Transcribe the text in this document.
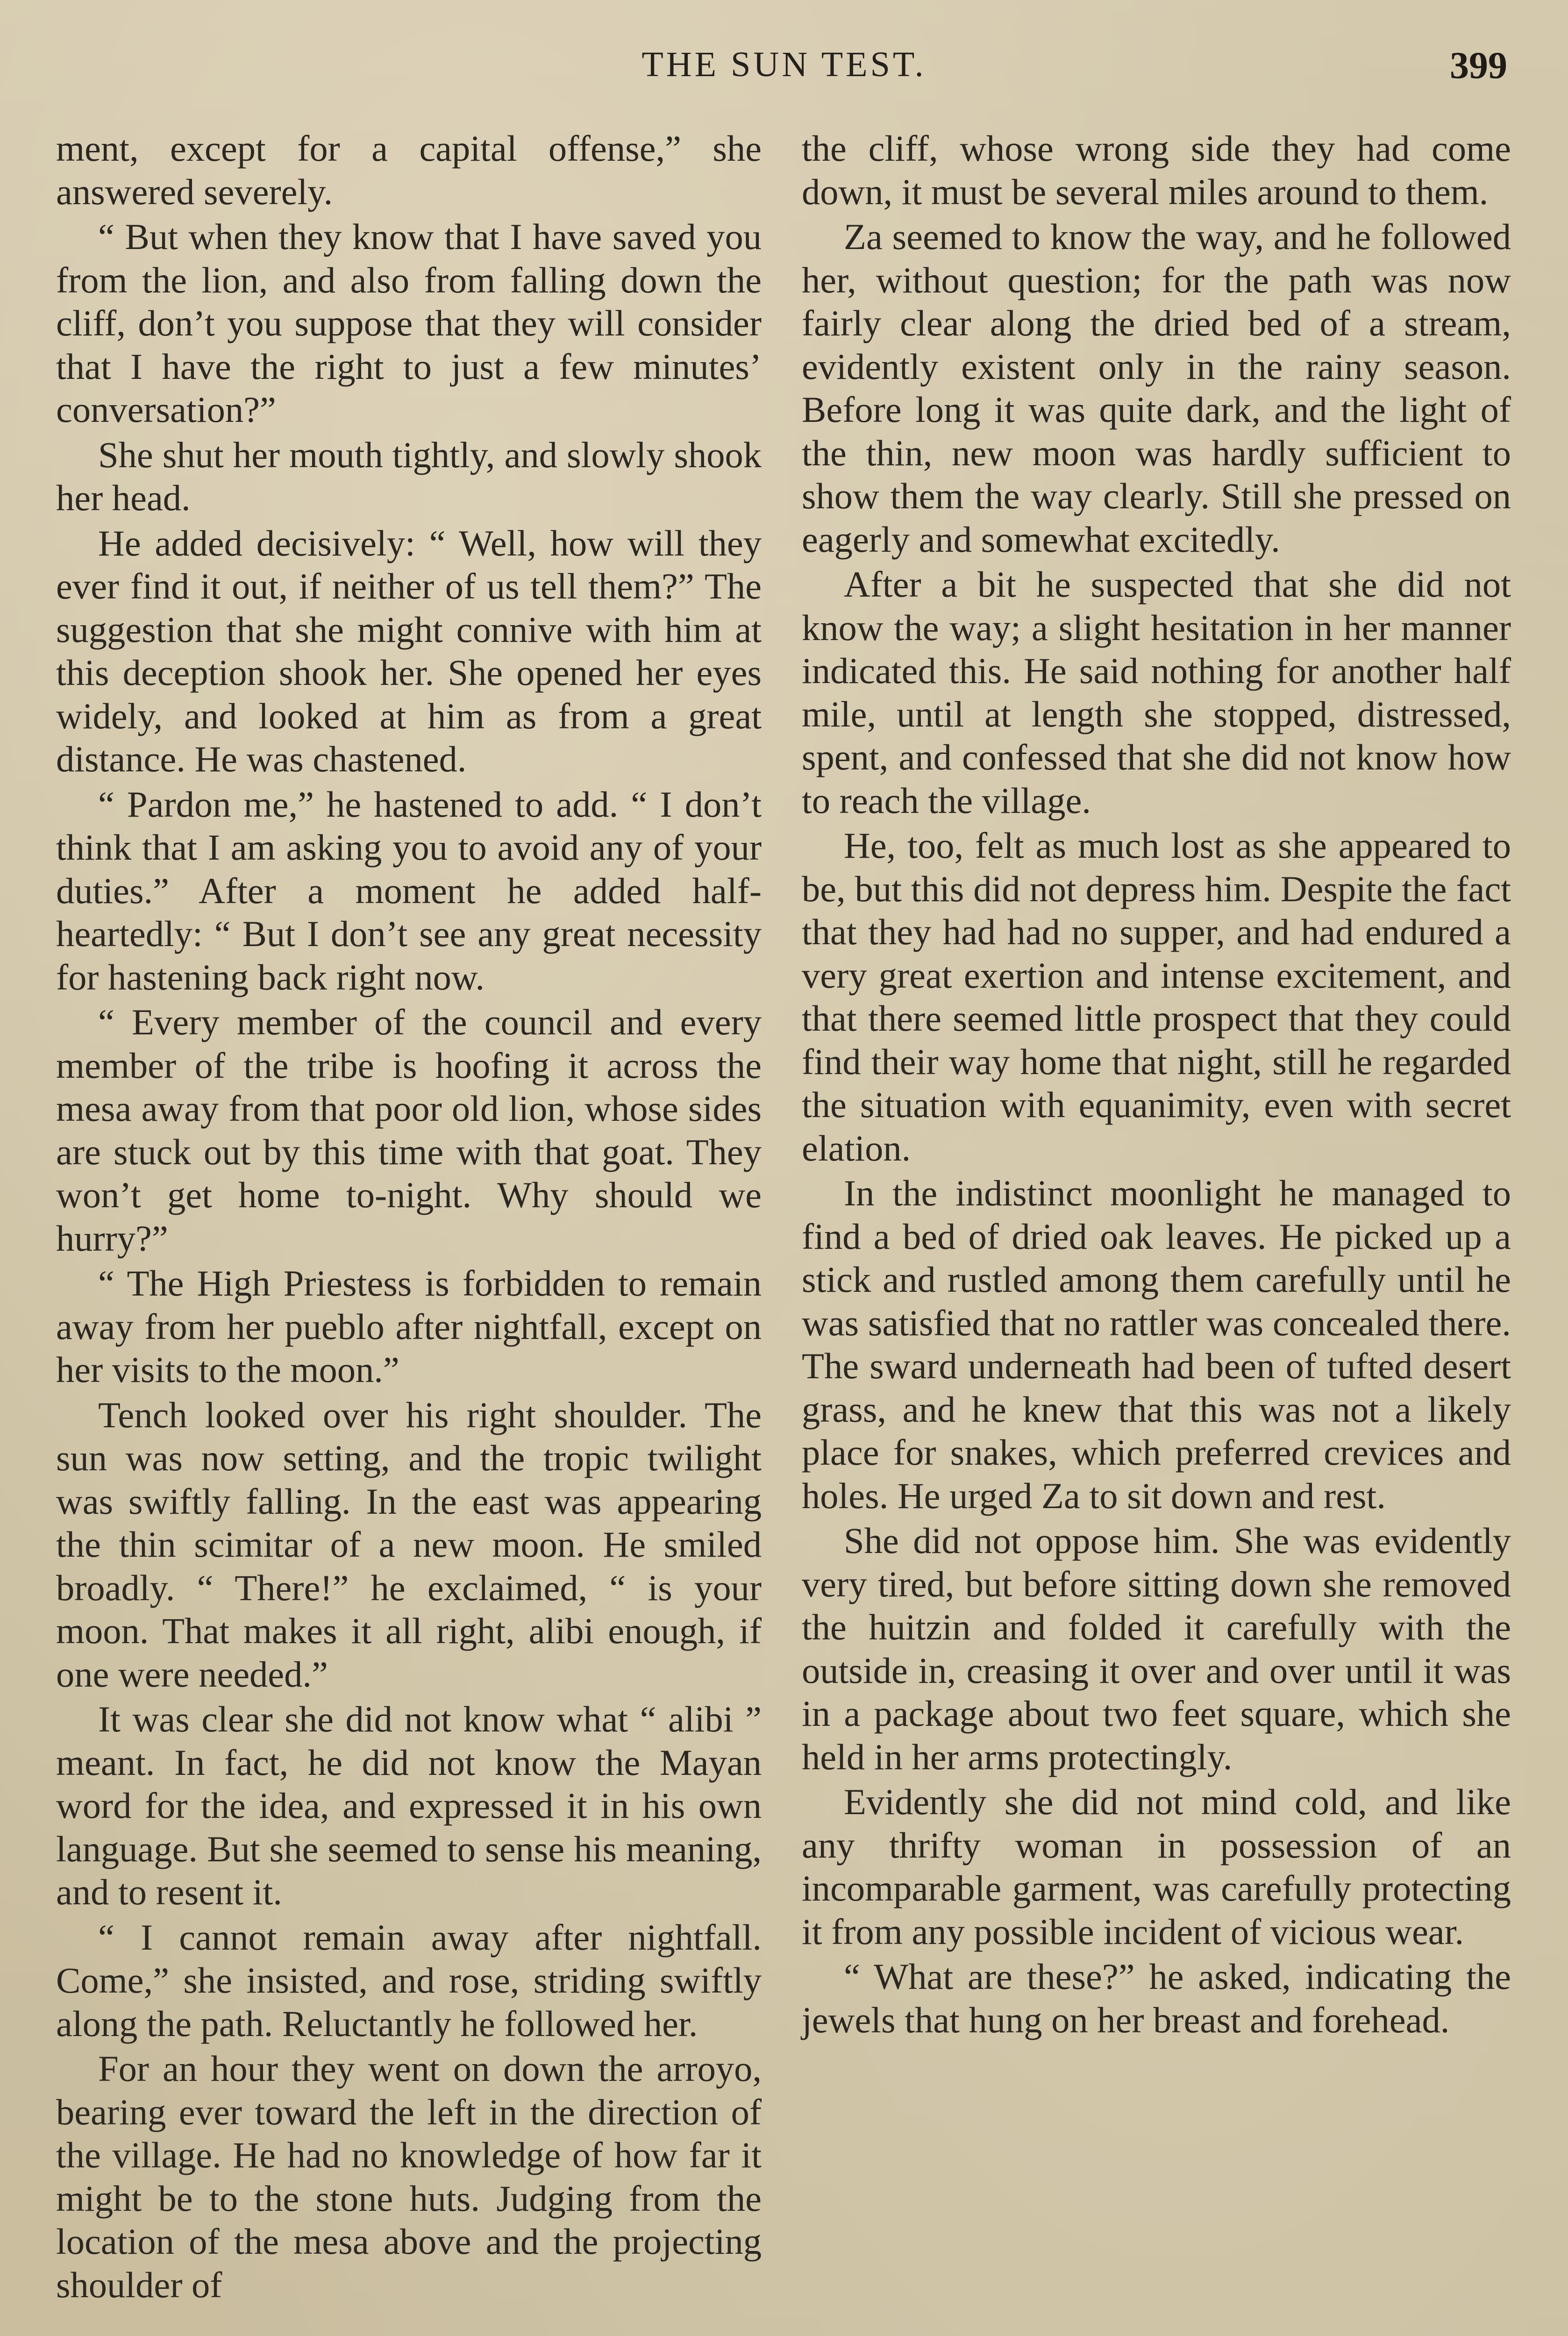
THE SUN TEST.	399

ment, except for a capital offense,” she answered severely.

“ But when they know that I have saved you from the lion, and also from falling down the cliff, don’t you suppose that they will consider that I have the right to just a few minutes’ conversation?”

She shut her mouth tightly, and slowly shook her head.

He added decisively: “ Well, how will they ever find it out, if neither of us tell them?” The suggestion that she might connive with him at this deception shook her. She opened her eyes widely, and looked at him as from a great distance. He was chastened.

“ Pardon me,” he hastened to add. “ I don’t think that I am asking you to avoid any of your duties.” After a moment he added half-heartedly: “ But I don’t see any great necessity for hastening back right now.

“ Every member of the council and every member of the tribe is hoofing it across the mesa away from that poor old lion, whose sides are stuck out by this time with that goat. They won’t get home to-night. Why should we hurry?”

“ The High Priestess is forbidden to remain away from her pueblo after nightfall, except on her visits to the moon.”

Tench looked over his right shoulder. The sun was now setting, and the tropic twilight was swiftly falling. In the east was appearing the thin scimitar of a new moon. He smiled broadly. “ There!” he exclaimed, “ is your moon. That makes it all right, alibi enough, if one were needed.”

It was clear she did not know what “ alibi ” meant. In fact, he did not know the Mayan word for the idea, and expressed it in his own language. But she seemed to sense his meaning, and to resent it.

“ I cannot remain away after nightfall. Come,” she insisted, and rose, striding swiftly along the path. Reluctantly he followed her.

For an hour they went on down the arroyo, bearing ever toward the left in the direction of the village. He had no knowledge of how far it might be to the stone huts. Judging from the location of the mesa above and the projecting shoulder of

the cliff, whose wrong side they had come down, it must be several miles around to them.

Za seemed to know the way, and he followed her, without question; for the path was now fairly clear along the dried bed of a stream, evidently existent only in the rainy season. Before long it was quite dark, and the light of the thin, new moon was hardly sufficient to show them the way clearly. Still she pressed on eagerly and somewhat excitedly.

After a bit he suspected that she did not know the way; a slight hesitation in her manner indicated this. He said nothing for another half mile, until at length she stopped, distressed, spent, and confessed that she did not know how to reach the village.

He, too, felt as much lost as she appeared to be, but this did not depress him. Despite the fact that they had had no supper, and had endured a very great exertion and intense excitement, and that there seemed little prospect that they could find their way home that night, still he regarded the situation with equanimity, even with secret elation.

In the indistinct moonlight he managed to find a bed of dried oak leaves. He picked up a stick and rustled among them carefully until he was satisfied that no rattler was concealed there. The sward underneath had been of tufted desert grass, and he knew that this was not a likely place for snakes, which preferred crevices and holes. He urged Za to sit down and rest.

She did not oppose him. She was evidently very tired, but before sitting down she removed the huitzin and folded it carefully with the outside in, creasing it over and over until it was in a package about two feet square, which she held in her arms protectingly.

Evidently she did not mind cold, and like any thrifty woman in possession of an incomparable garment, was carefully protecting it from any possible incident of vicious wear.

“ What are these?” he asked, indicating the jewels that hung on her breast and forehead.
